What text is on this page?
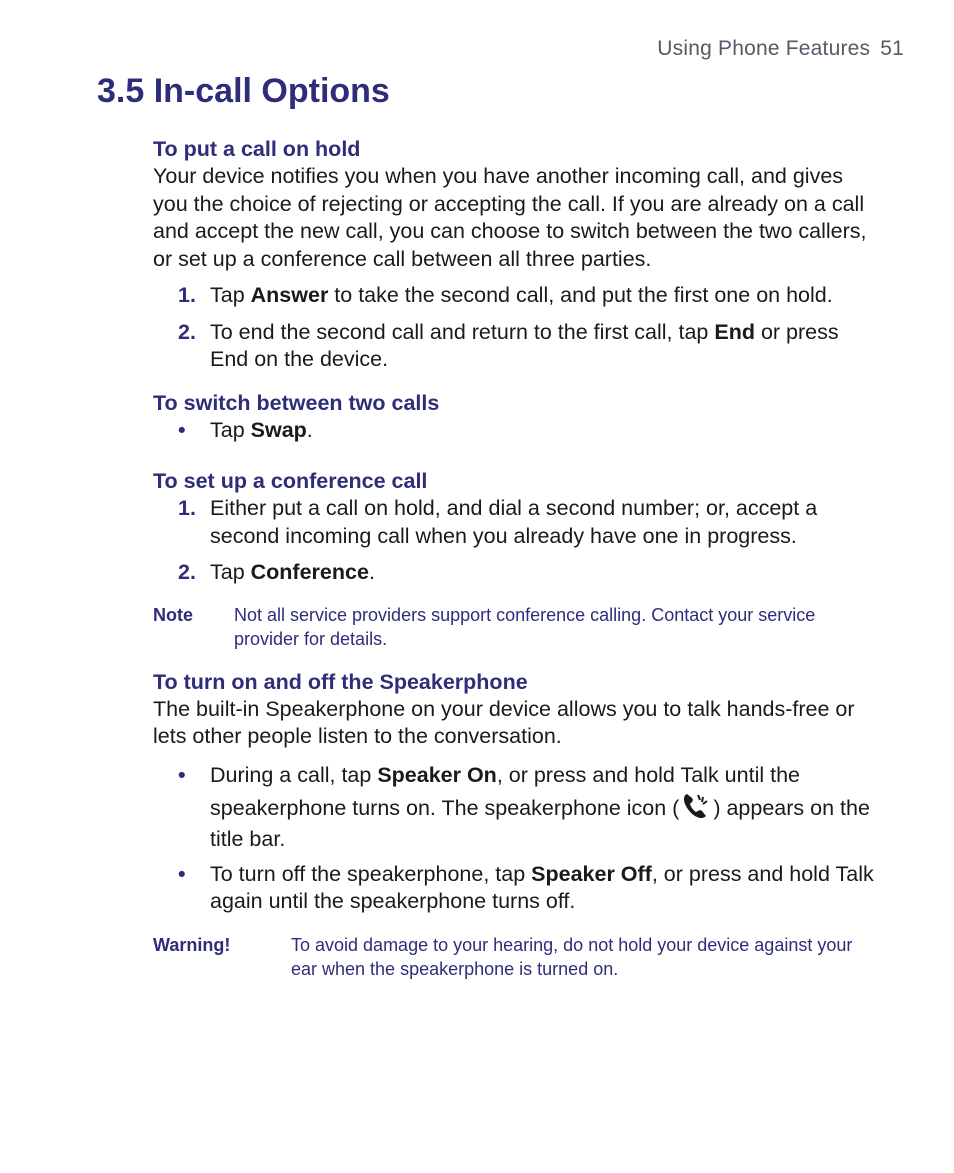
Using Phone Features 51
3.5 In-call Options

To put a call on hold

Your device notifies you when you have another incoming call, and gives you the choice of rejecting or accepting the call. If you are already on a call and accept the new call, you can choose to switch between the two callers, or set up a conference call between all three parties.

1. Tap Answer to take the second call, and put the first one on hold.
2. To end the second call and return to the first call, tap End or press End on the device.

To switch between two calls

•	Tap Swap.

To set up a conference call

1. Either put a call on hold, and dial a second number; or, accept a second incoming call when you already have one in progress.
2. Tap Conference.
Note	Not all service providers support conference calling. Contact your service provider for details.

To turn on and off the Speakerphone

The built-in Speakerphone on your device allows you to talk hands-free or lets other people listen to the conversation.

•	During a call, tap Speaker On, or press and hold Talk until the speakerphone turns on. The speakerphone icon ( ) appears on the title bar.
•	To turn off the speakerphone, tap Speaker Off, or press and hold Talk again until the speakerphone turns off.
Warning!	To avoid damage to your hearing, do not hold your device against your ear when the speakerphone is turned on.
